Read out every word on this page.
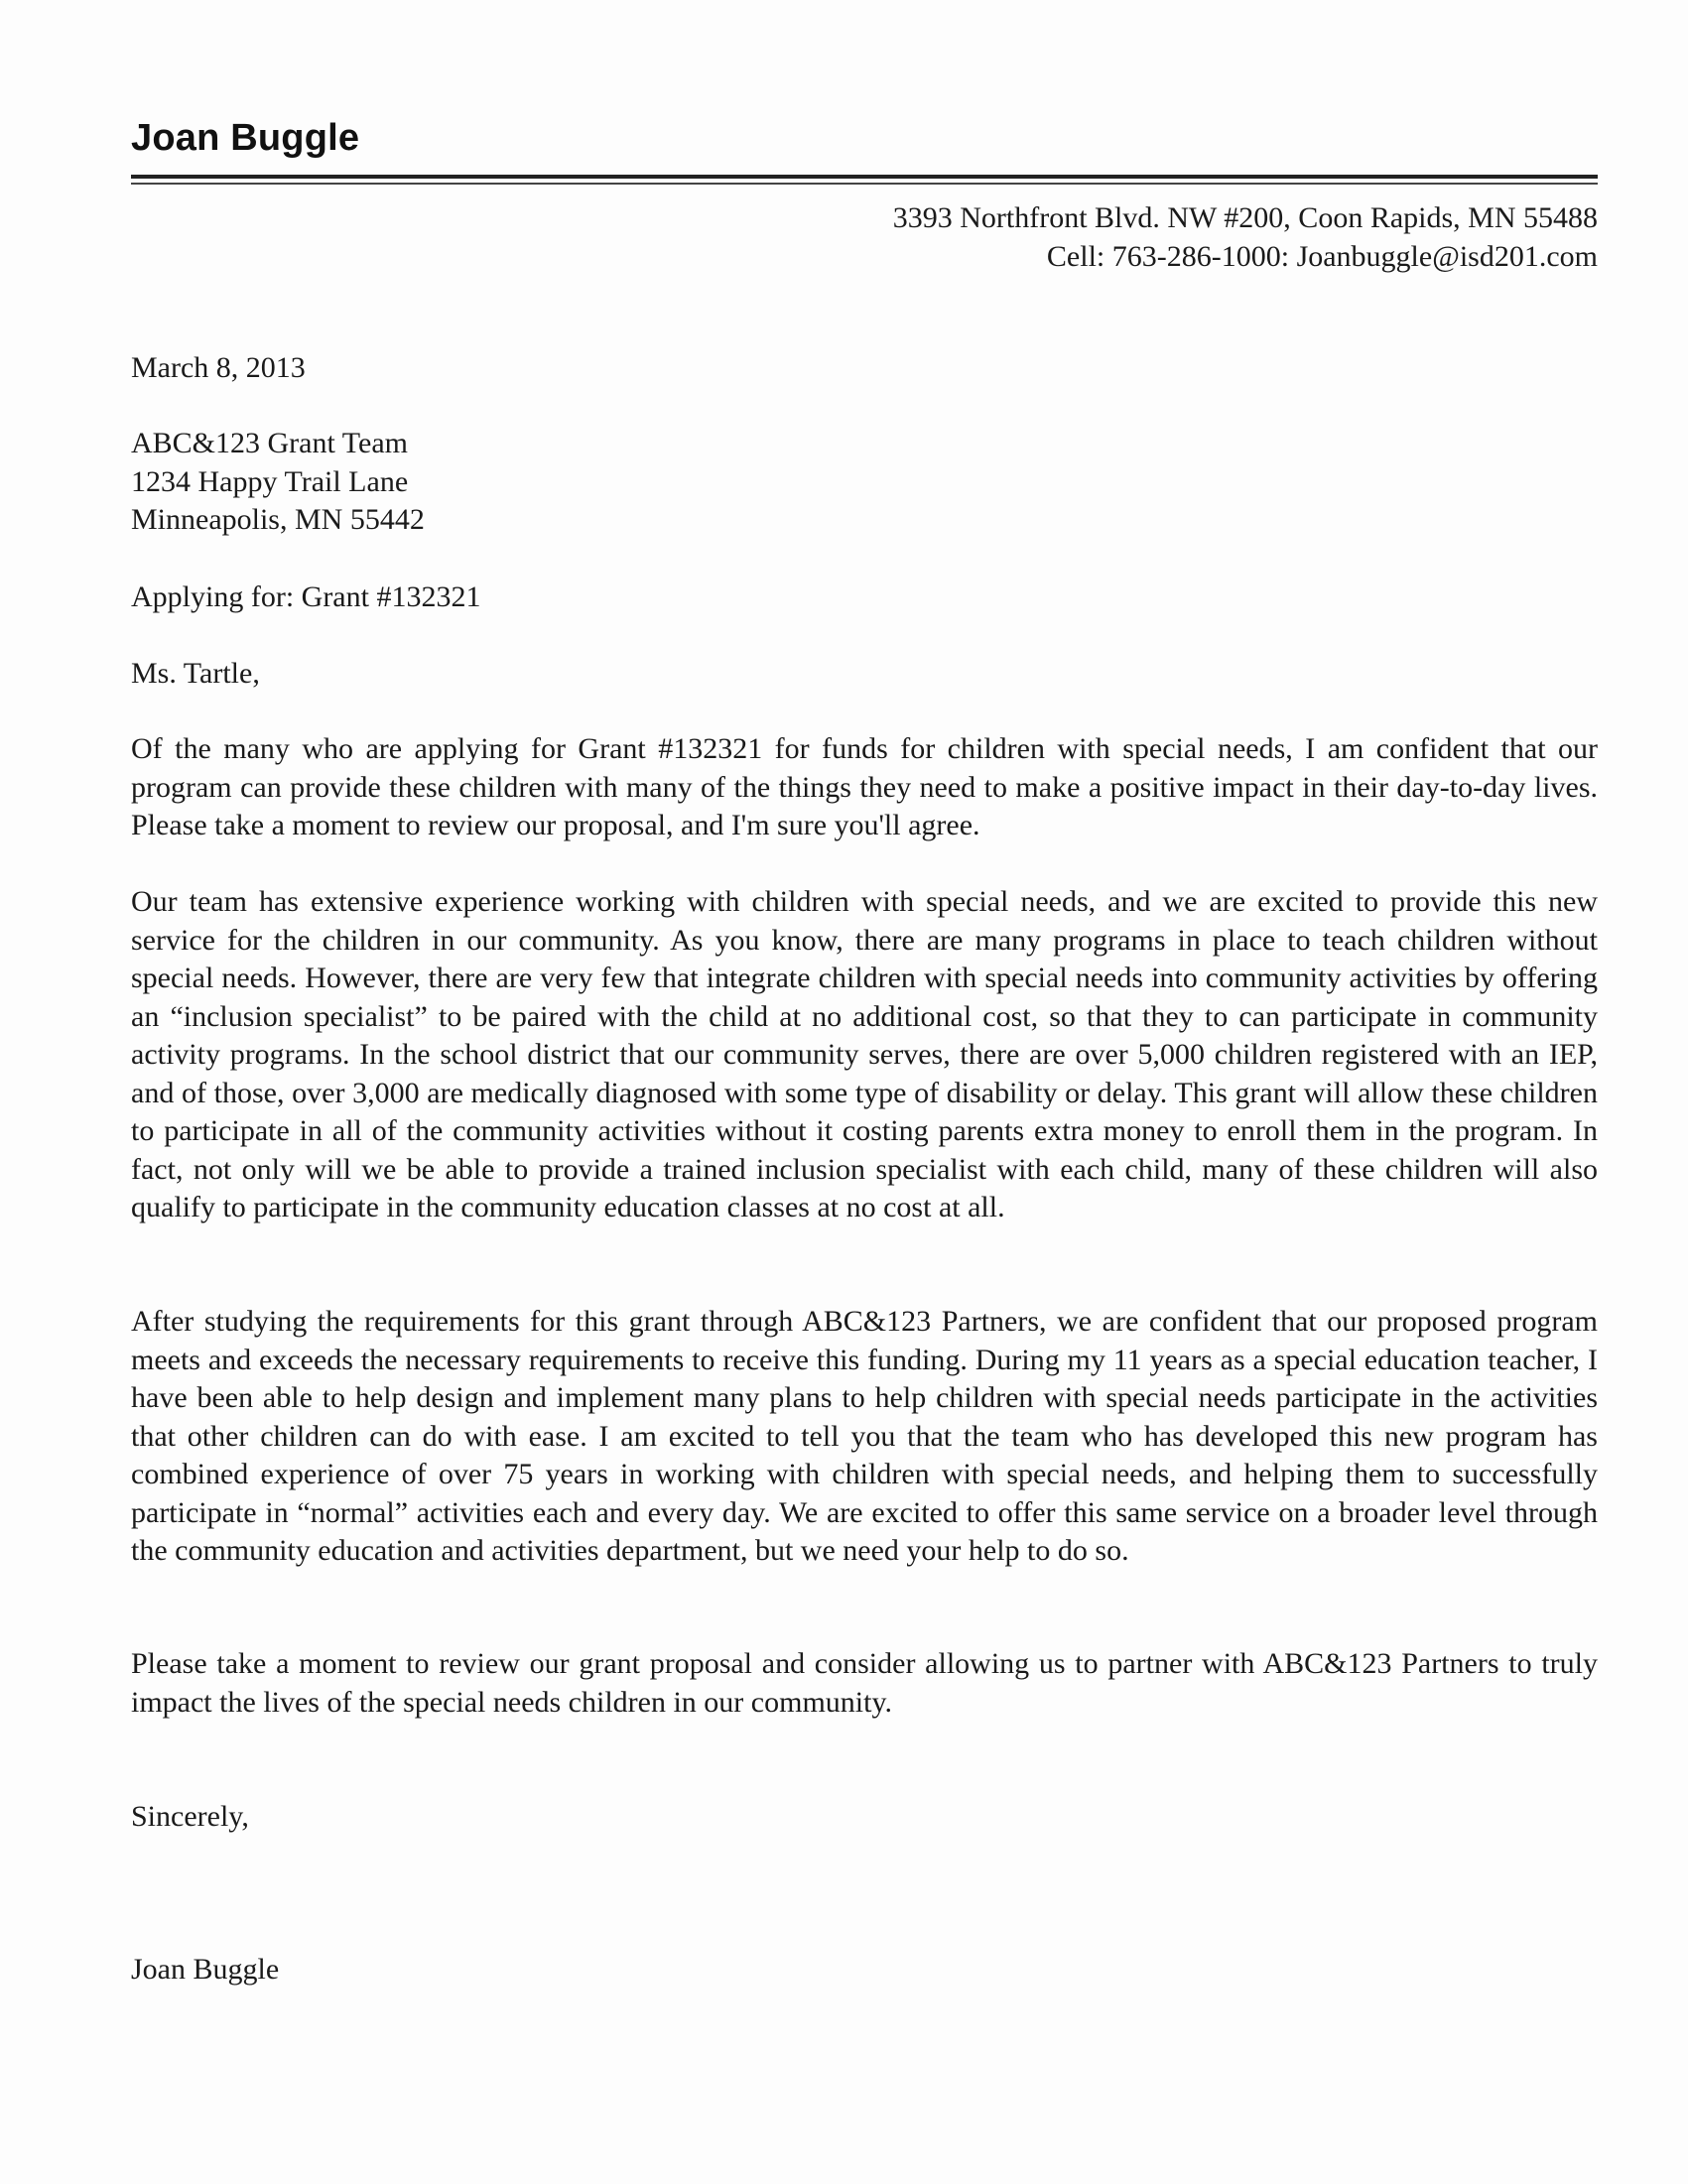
Joan Buggle
3393 Northfront Blvd. NW #200, Coon Rapids, MN 55488
Cell: 763-286-1000: Joanbuggle@isd201.com
March 8, 2013
ABC&123 Grant Team
1234 Happy Trail Lane
Minneapolis, MN 55442
Applying for: Grant #132321
Ms. Tartle,
Of the many who are applying for Grant #132321 for funds for children with special needs, I am confident that our program can provide these children with many of the things they need to make a positive impact in their day-to-day lives. Please take a moment to review our proposal, and I'm sure you'll agree.
Our team has extensive experience working with children with special needs, and we are excited to provide this new service for the children in our community. As you know, there are many programs in place to teach children without special needs. However, there are very few that integrate children with special needs into community activities by offering an “inclusion specialist” to be paired with the child at no additional cost, so that they to can participate in community activity programs. In the school district that our community serves, there are over 5,000 children registered with an IEP, and of those, over 3,000 are medically diagnosed with some type of disability or delay. This grant will allow these children to participate in all of the community activities without it costing parents extra money to enroll them in the program. In fact, not only will we be able to provide a trained inclusion specialist with each child, many of these children will also qualify to participate in the community education classes at no cost at all.
After studying the requirements for this grant through ABC&123 Partners, we are confident that our proposed program meets and exceeds the necessary requirements to receive this funding. During my 11 years as a special education teacher, I have been able to help design and implement many plans to help children with special needs participate in the activities that other children can do with ease. I am excited to tell you that the team who has developed this new program has combined experience of over 75 years in working with children with special needs, and helping them to successfully participate in “normal” activities each and every day. We are excited to offer this same service on a broader level through the community education and activities department, but we need your help to do so.
Please take a moment to review our grant proposal and consider allowing us to partner with ABC&123 Partners to truly impact the lives of the special needs children in our community.
Sincerely,
Joan Buggle
